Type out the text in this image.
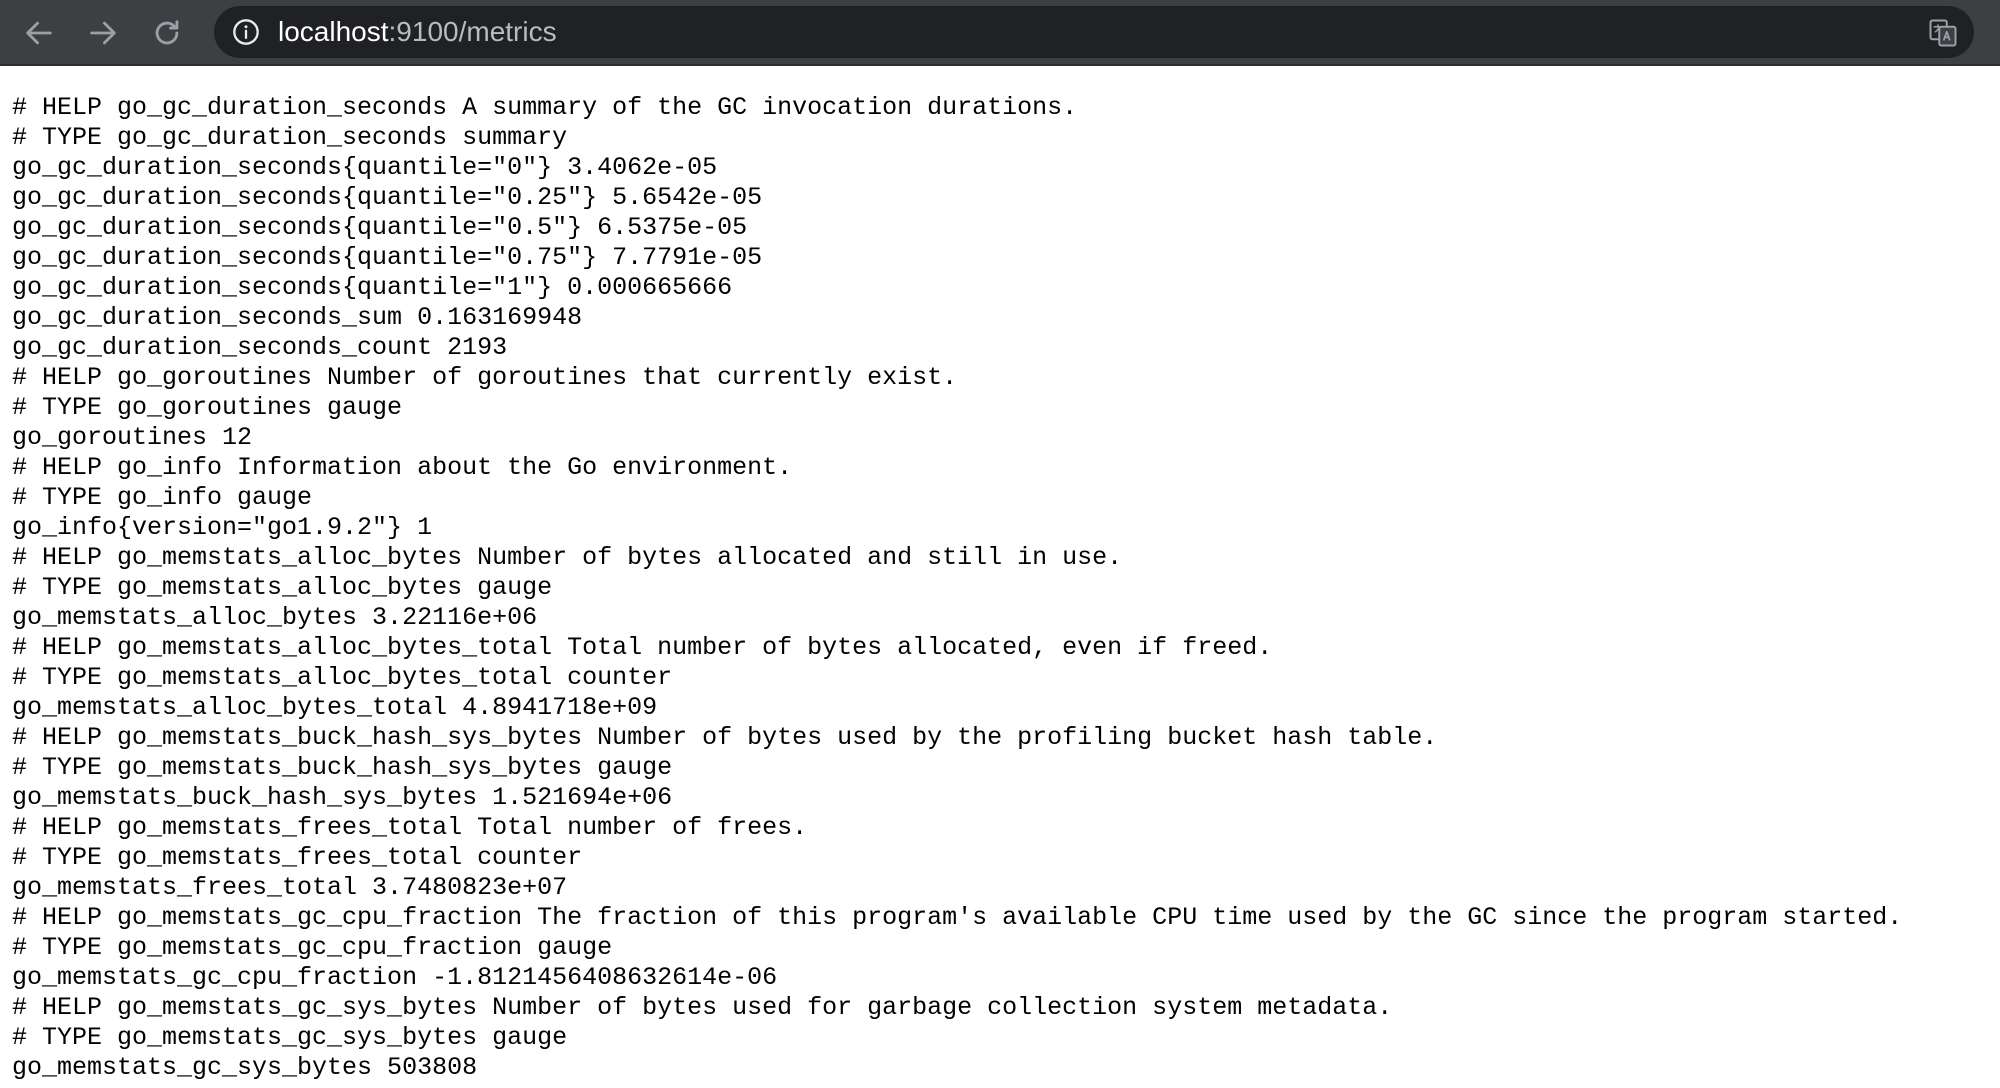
localhost:9100/metrics
# HELP go_gc_duration_seconds A summary of the GC invocation durations.
# TYPE go_gc_duration_seconds summary
go_gc_duration_seconds{quantile="0"} 3.4062e-05
go_gc_duration_seconds{quantile="0.25"} 5.6542e-05
go_gc_duration_seconds{quantile="0.5"} 6.5375e-05
go_gc_duration_seconds{quantile="0.75"} 7.7791e-05
go_gc_duration_seconds{quantile="1"} 0.000665666
go_gc_duration_seconds_sum 0.163169948
go_gc_duration_seconds_count 2193
# HELP go_goroutines Number of goroutines that currently exist.
# TYPE go_goroutines gauge
go_goroutines 12
# HELP go_info Information about the Go environment.
# TYPE go_info gauge
go_info{version="go1.9.2"} 1
# HELP go_memstats_alloc_bytes Number of bytes allocated and still in use.
# TYPE go_memstats_alloc_bytes gauge
go_memstats_alloc_bytes 3.22116e+06
# HELP go_memstats_alloc_bytes_total Total number of bytes allocated, even if freed.
# TYPE go_memstats_alloc_bytes_total counter
go_memstats_alloc_bytes_total 4.8941718e+09
# HELP go_memstats_buck_hash_sys_bytes Number of bytes used by the profiling bucket hash table.
# TYPE go_memstats_buck_hash_sys_bytes gauge
go_memstats_buck_hash_sys_bytes 1.521694e+06
# HELP go_memstats_frees_total Total number of frees.
# TYPE go_memstats_frees_total counter
go_memstats_frees_total 3.7480823e+07
# HELP go_memstats_gc_cpu_fraction The fraction of this program's available CPU time used by the GC since the program started.
# TYPE go_memstats_gc_cpu_fraction gauge
go_memstats_gc_cpu_fraction -1.8121456408632614e-06
# HELP go_memstats_gc_sys_bytes Number of bytes used for garbage collection system metadata.
# TYPE go_memstats_gc_sys_bytes gauge
go_memstats_gc_sys_bytes 503808
